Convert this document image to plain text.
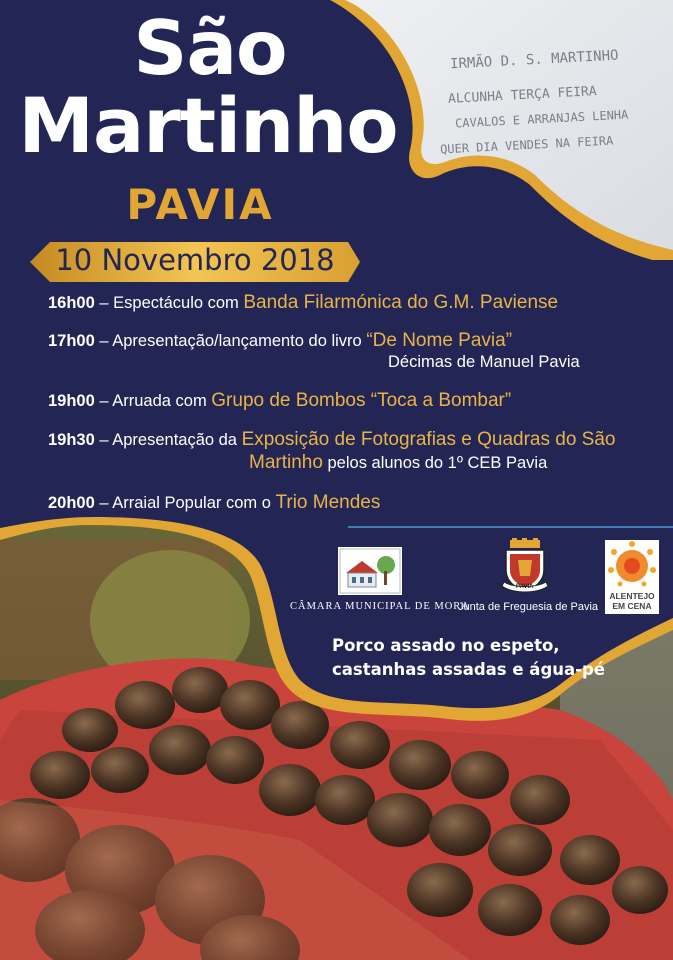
IRMÃO D. S. MARTINHO
ALCUNHA TERÇA FEIRA
CAVALOS E ARRANJAS LENHA
QUER DIA VENDES NA FEIRA
São
Martinho
PAVIA
10 Novembro 2018
16h00 – Espectáculo com Banda Filarmónica do G.M. Paviense
17h00 – Apresentação/lançamento do livro “De Nome Pavia”
Décimas de Manuel Pavia
19h00 – Arruada com Grupo de Bombos “Toca a Bombar”
19h30 – Apresentação da Exposição de Fotografias e Quadras do São
Martinho pelos alunos do 1º CEB Pavia
20h00 – Arraial Popular com o Trio Mendes
CÂMARA MUNICIPAL DE MORA
PAVIA
Junta de Freguesia de Pavia
ALENTEJO
EM CENA
Porco assado no espeto,
castanhas assadas e água-pé
